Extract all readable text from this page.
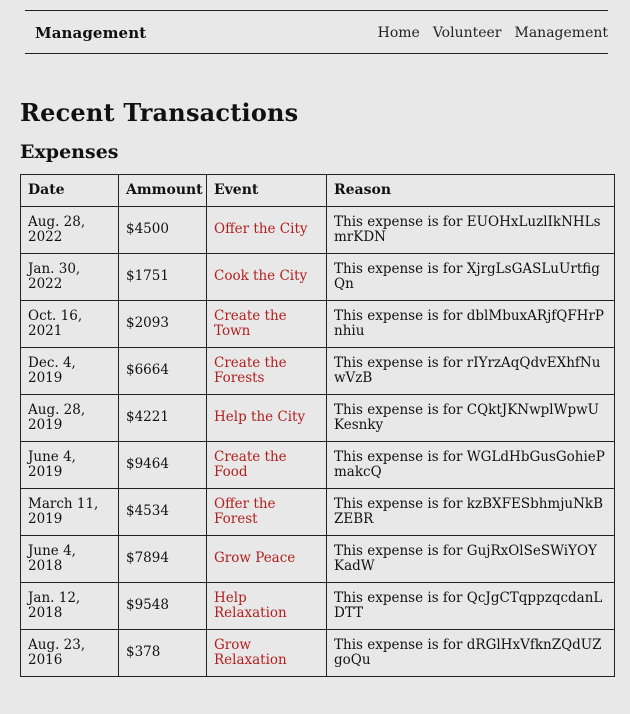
Management	Home Volunteer Management
Recent Transactions
Expenses
Date	Ammount	Event	Reason
Aug. 28, 2022	$4500	Offer the City	This expense is for EUOHxLuzlIkNHLsmrKDN
Jan. 30, 2022	$1751	Cook the City	This expense is for XjrgLsGASLuUrtfigQn
Oct. 16, 2021	$2093	Create the Town	This expense is for dblMbuxARjfQFHrPnhiu
Dec. 4, 2019	$6664	Create the Forests	This expense is for rIYrzAqQdvEXhfNuwVzB
Aug. 28, 2019	$4221	Help the City	This expense is for CQktJKNwplWpwUKesnky
June 4, 2019	$9464	Create the Food	This expense is for WGLdHbGusGohiePmakcQ
March 11, 2019	$4534	Offer the Forest	This expense is for kzBXFESbhmjuNkBZEBR
June 4, 2018	$7894	Grow Peace	This expense is for GujRxOlSeSWiYOYKadW
Jan. 12, 2018	$9548	Help Relaxation	This expense is for QcJgCTqppzqcdanLDTT
Aug. 23, 2016	$378	Grow Relaxation	This expense is for dRGlHxVfknZQdUZgoQu
